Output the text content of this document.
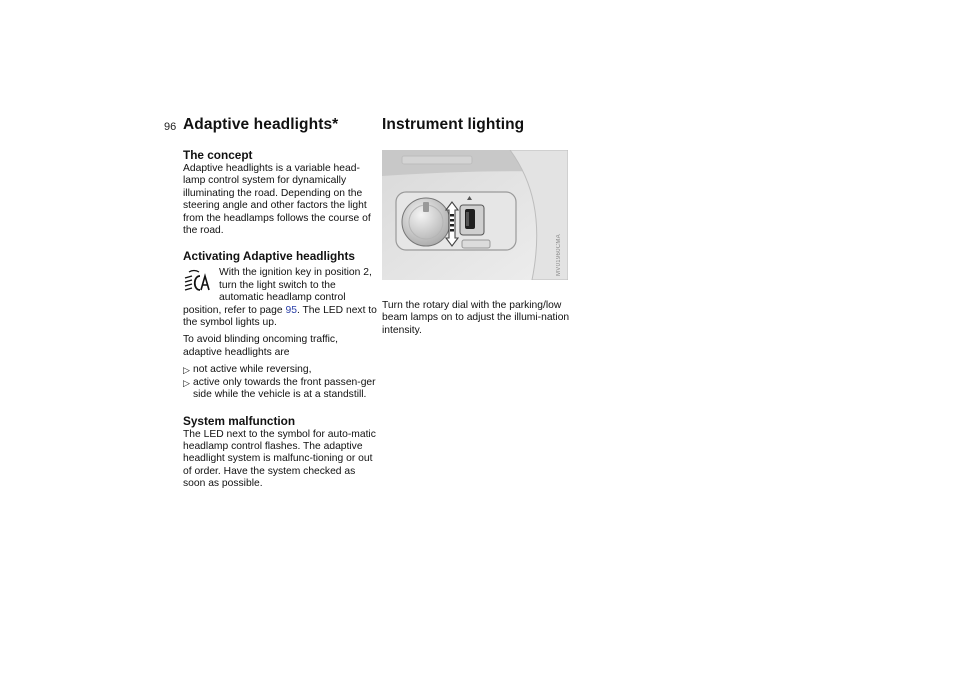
96 Adaptive headlights*
The concept

Adaptive headlights is a variable head-lamp control system for dynamically illuminating the road. Depending on the steering angle and other factors the light from the headlamps follows the course of the road.

Activating Adaptive headlights

With the ignition key in position 2, turn the light switch to the automatic headlamp control position, refer to page 95. The LED next to the symbol lights up.

To avoid blinding oncoming traffic, adaptive headlights are

▷ not active while reversing,
▷ active only towards the front passen-ger side while the vehicle is at a standstill.
System malfunction

The LED next to the symbol for auto-matic headlamp control flashes. The adaptive headlight system is malfunc-tioning or out of order. Have the system checked as soon as possible.

Instrument lighting
MV01960CMA

Turn the rotary dial with the parking/low beam lamps on to adjust the illumi-nation intensity.
